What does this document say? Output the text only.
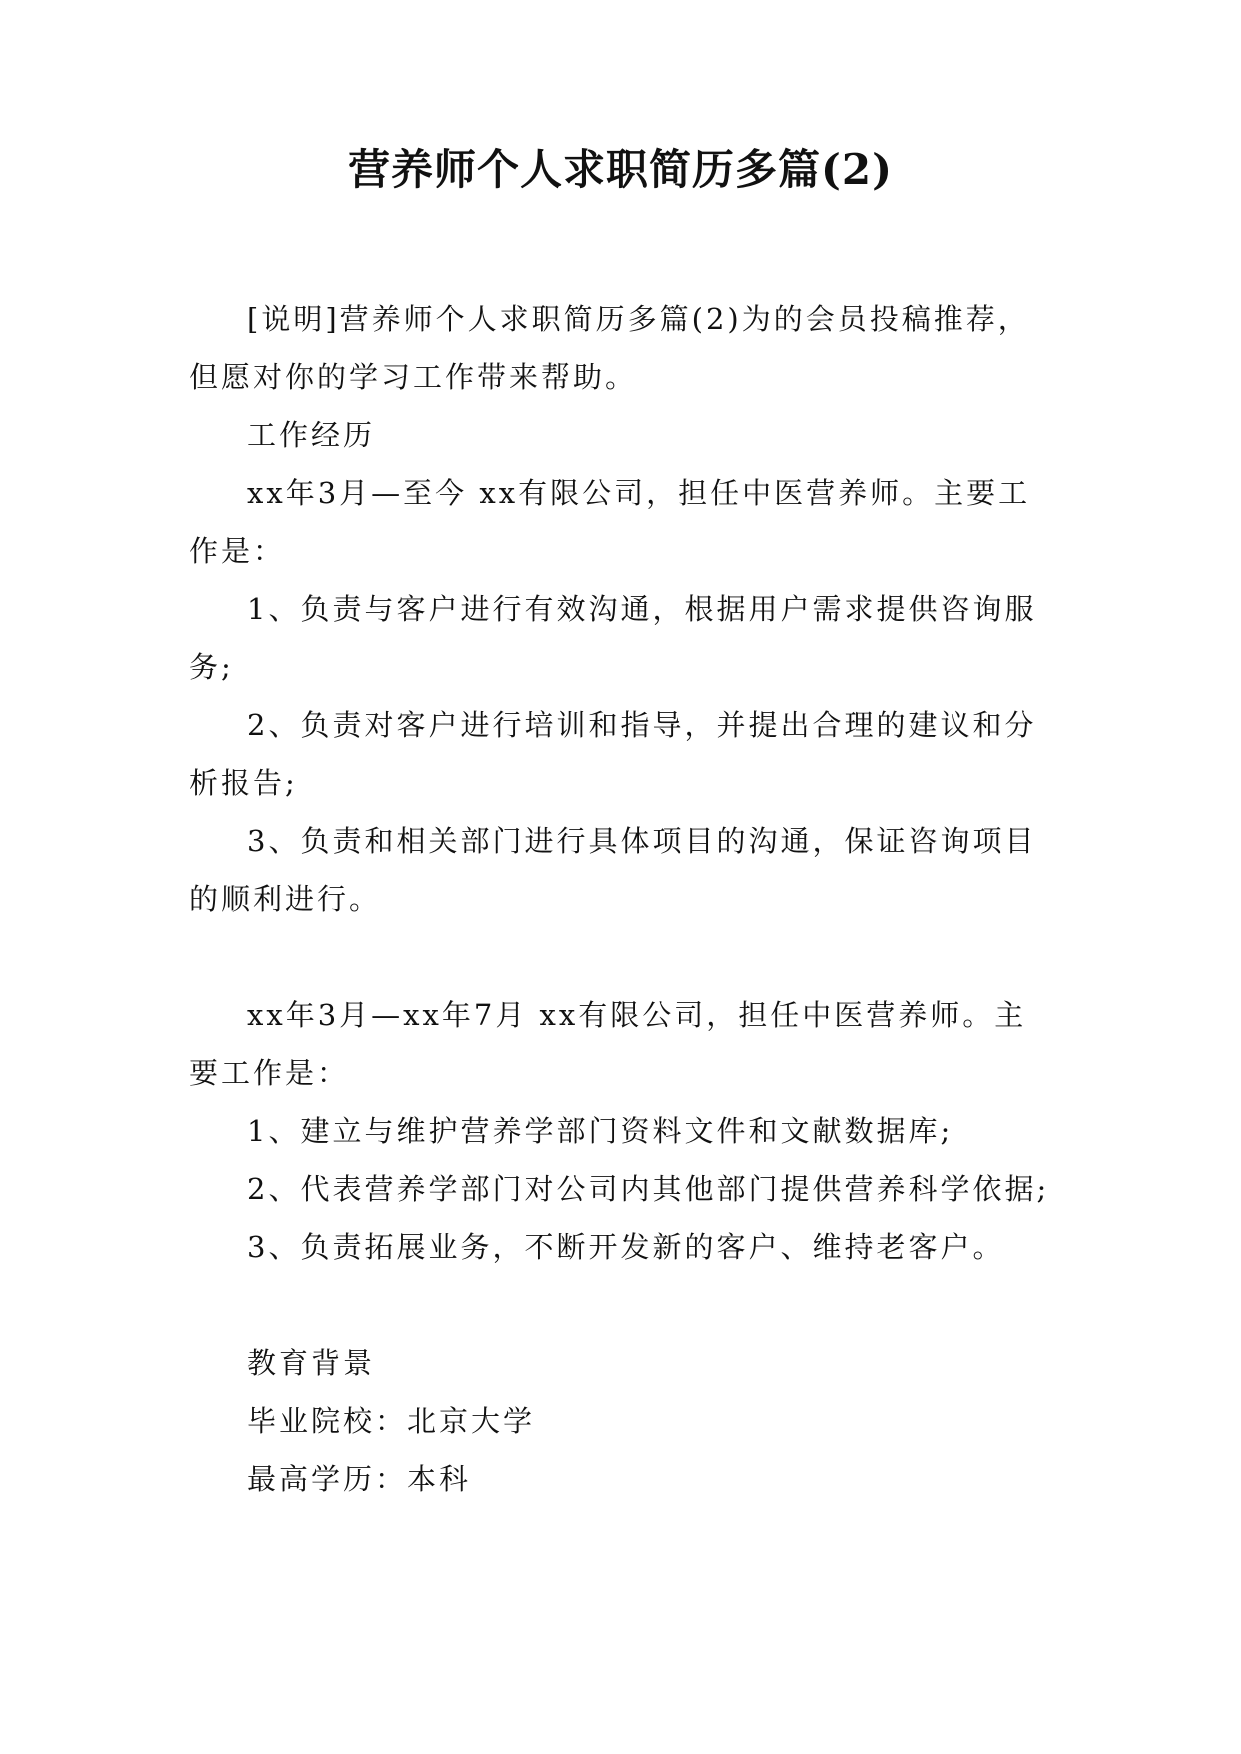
营养师个人求职简历多篇(2)

[说明]营养师个人求职简历多篇(2)为的会员投稿推荐，但愿对你的学习工作带来帮助。

工作经历

xx年3月—至今 xx有限公司，担任中医营养师。主要工作是：

1、负责与客户进行有效沟通，根据用户需求提供咨询服务;

2、负责对客户进行培训和指导，并提出合理的建议和分析报告;

3、负责和相关部门进行具体项目的沟通，保证咨询项目的顺利进行。

xx年3月—xx年7月 xx有限公司，担任中医营养师。主要工作是：

1、建立与维护营养学部门资料文件和文献数据库;

2、代表营养学部门对公司内其他部门提供营养科学依据;

3、负责拓展业务，不断开发新的客户、维持老客户。

教育背景

毕业院校：北京大学

最高学历：本科
